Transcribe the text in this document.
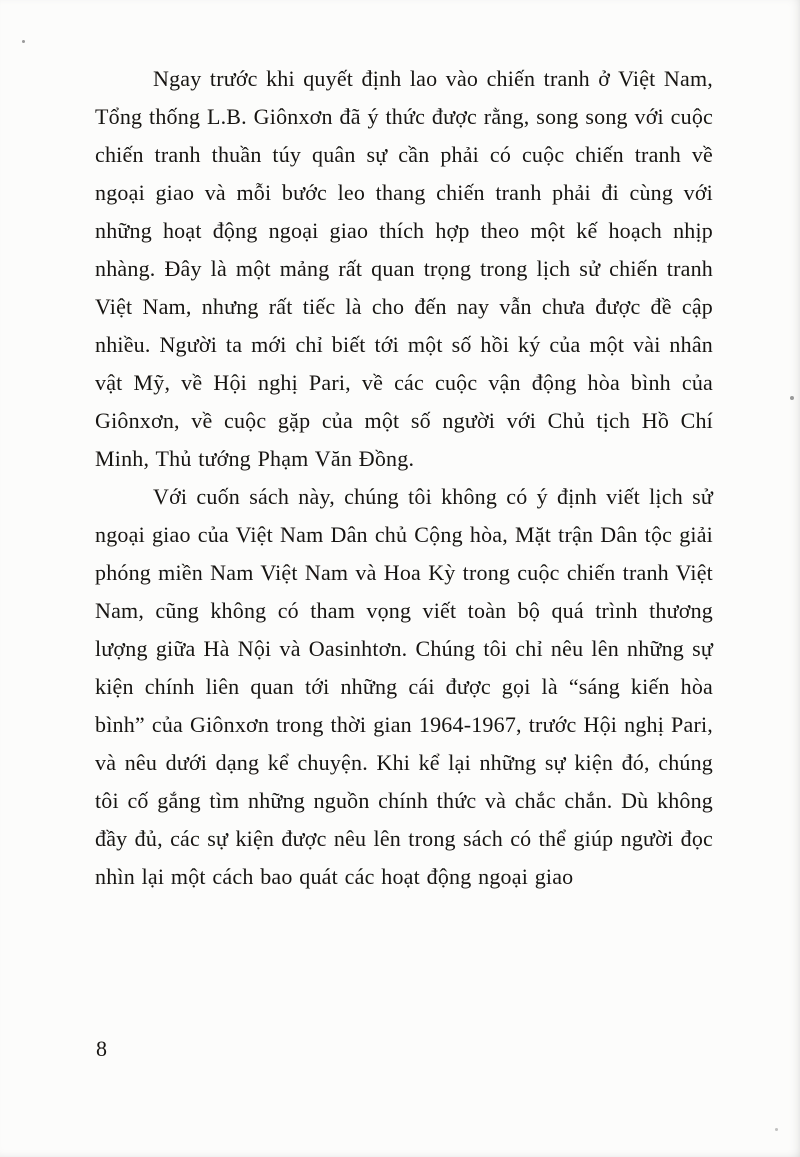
Ngay trước khi quyết định lao vào chiến tranh ở Việt Nam, Tổng thống L.B. Giônxơn đã ý thức được rằng, song song với cuộc chiến tranh thuần túy quân sự cần phải có cuộc chiến tranh về ngoại giao và mỗi bước leo thang chiến tranh phải đi cùng với những hoạt động ngoại giao thích hợp theo một kế hoạch nhịp nhàng. Đây là một mảng rất quan trọng trong lịch sử chiến tranh Việt Nam, nhưng rất tiếc là cho đến nay vẫn chưa được đề cập nhiều. Người ta mới chỉ biết tới một số hồi ký của một vài nhân vật Mỹ, về Hội nghị Pari, về các cuộc vận động hòa bình của Giônxơn, về cuộc gặp của một số người với Chủ tịch Hồ Chí Minh, Thủ tướng Phạm Văn Đồng.

Với cuốn sách này, chúng tôi không có ý định viết lịch sử ngoại giao của Việt Nam Dân chủ Cộng hòa, Mặt trận Dân tộc giải phóng miền Nam Việt Nam và Hoa Kỳ trong cuộc chiến tranh Việt Nam, cũng không có tham vọng viết toàn bộ quá trình thương lượng giữa Hà Nội và Oasinhtơn. Chúng tôi chỉ nêu lên những sự kiện chính liên quan tới những cái được gọi là “sáng kiến hòa bình” của Giônxơn trong thời gian 1964-1967, trước Hội nghị Pari, và nêu dưới dạng kể chuyện. Khi kể lại những sự kiện đó, chúng tôi cố gắng tìm những nguồn chính thức và chắc chắn. Dù không đầy đủ, các sự kiện được nêu lên trong sách có thể giúp người đọc nhìn lại một cách bao quát các hoạt động ngoại giao

8
